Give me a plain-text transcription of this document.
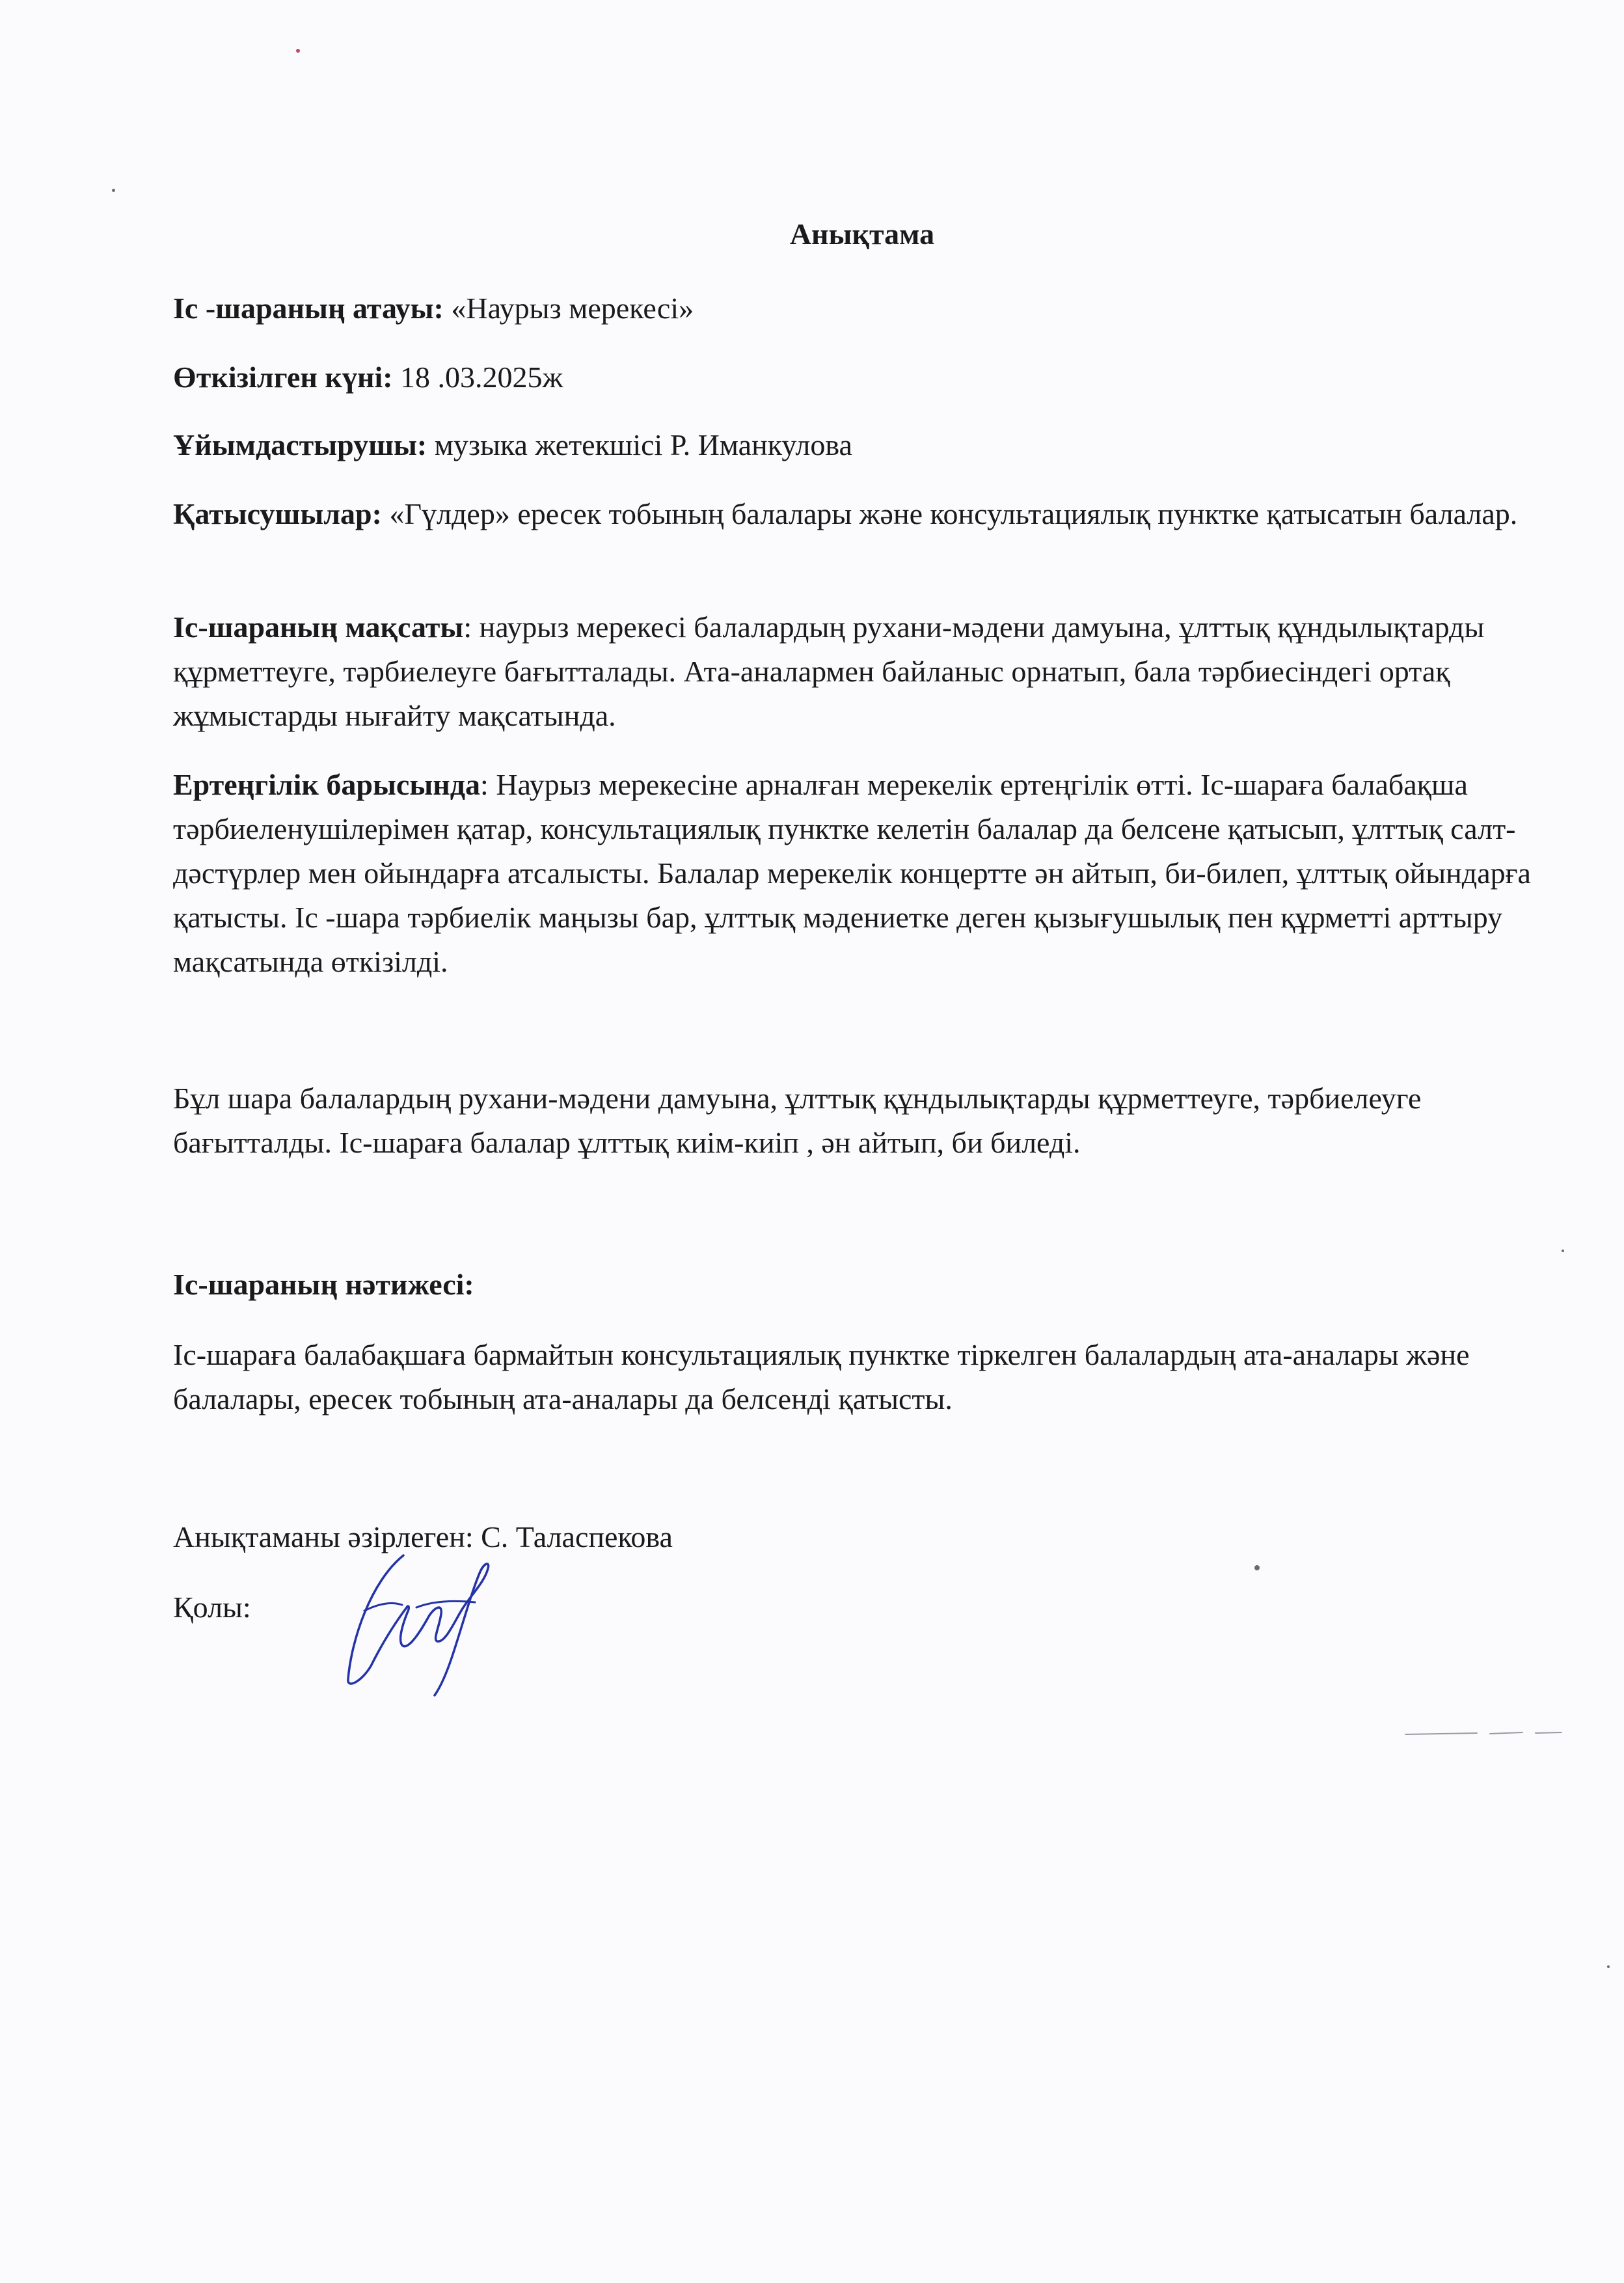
Анықтама

Іс -шараның атауы: «Наурыз мерекесі»

Өткізілген күні: 18 .03.2025ж

Ұйымдастырушы: музыка жетекшісі Р. Иманкулова

Қатысушылар: «Гүлдер» ересек тобының балалары және консультациялық пунктке қатысатын балалар.

Іс-шараның мақсаты: наурыз мерекесі балалардың рухани-мәдени дамуына, ұлттық құндылықтарды құрметтеуге, тәрбиелеуге бағытталады. Ата-аналармен байланыс орнатып, бала тәрбиесіндегі ортақ жұмыстарды нығайту мақсатында.

Ертеңгілік барысында: Наурыз мерекесіне арналған мерекелік ертеңгілік өтті. Іс-шараға балабақша тәрбиеленушілерімен қатар, консультациялық пунктке келетін балалар да белсене қатысып, ұлттық салт-дәстүрлер мен ойындарға атсалысты. Балалар мерекелік концертте ән айтып, би-билеп, ұлттық ойындарға қатысты. Іс -шара тәрбиелік маңызы бар, ұлттық мәдениетке деген қызығушылық пен құрметті арттыру мақсатында өткізілді.

Бұл шара балалардың рухани-мәдени дамуына, ұлттық құндылықтарды құрметтеуге, тәрбиелеуге бағытталды. Іс-шараға балалар ұлттық киім-киіп , ән айтып, би биледі.

Іс-шараның нәтижесі:

Іс-шараға балабақшаға бармайтын консультациялық пунктке тіркелген балалардың ата-аналары және балалары, ересек тобының ата-аналары да белсенді қатысты.

Анықтаманы әзірлеген: С. Таласпекова

Қолы:
